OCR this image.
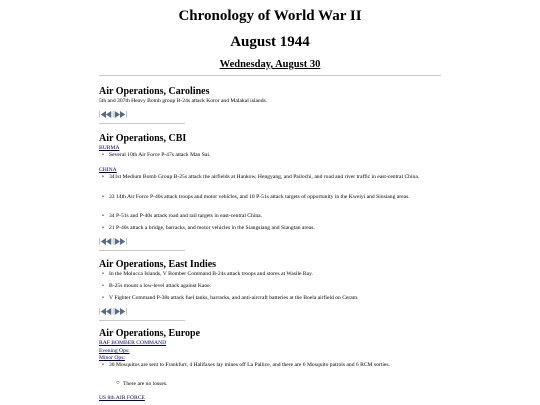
Chronology of World War II
August 1944
Wednesday, August 30
Air Operations, Carolines
5th and 307th Heavy Bomb group B-24s attack Koror and Malakal islands.
| | |
Air Operations, CBI
BURMA
• Several 10th Air Force P-47s attack Man Sai.
CHINA
• 341st Medium Bomb Group B-25s attack the airfields at Hankow, Hengyang, and Pailochi, and road and river traffic in east-central China.
• 33 14th Air Force P-40s attack troops and motor vehicles, and 10 P-51s attack targets of opportunity in the Kweiyi and Sinsiang areas.
• 34 P-51s and P-40s attack road and rail targets in east-central China.
• 21 P-40s attack a bridge, barracks, and motor vehicles in the Siangsiang and Siangtan areas.
| | |
Air Operations, East Indies
• In the Molucca Islands, V Bomber Command B-24s attack troops and stores at Wasile Bay.
• B-25s mount a low-level attack against Kaoe.
• V Fighter Command P-38s attack fuel tanks, barracks, and anti-aircraft batteries at the Boela airfield on Ceram.
| | |
Air Operations, Europe
RAF BOMBER COMMAND
Evening Ops:
Minor Ops:
• 30 Mosquitos are sent to Frankfurt, 4 Halifaxes lay mines off La Pallice, and there are 6 Mosquito patrols and 6 RCM sorties.
○ There are no losses.
US 8th AIR FORCE
